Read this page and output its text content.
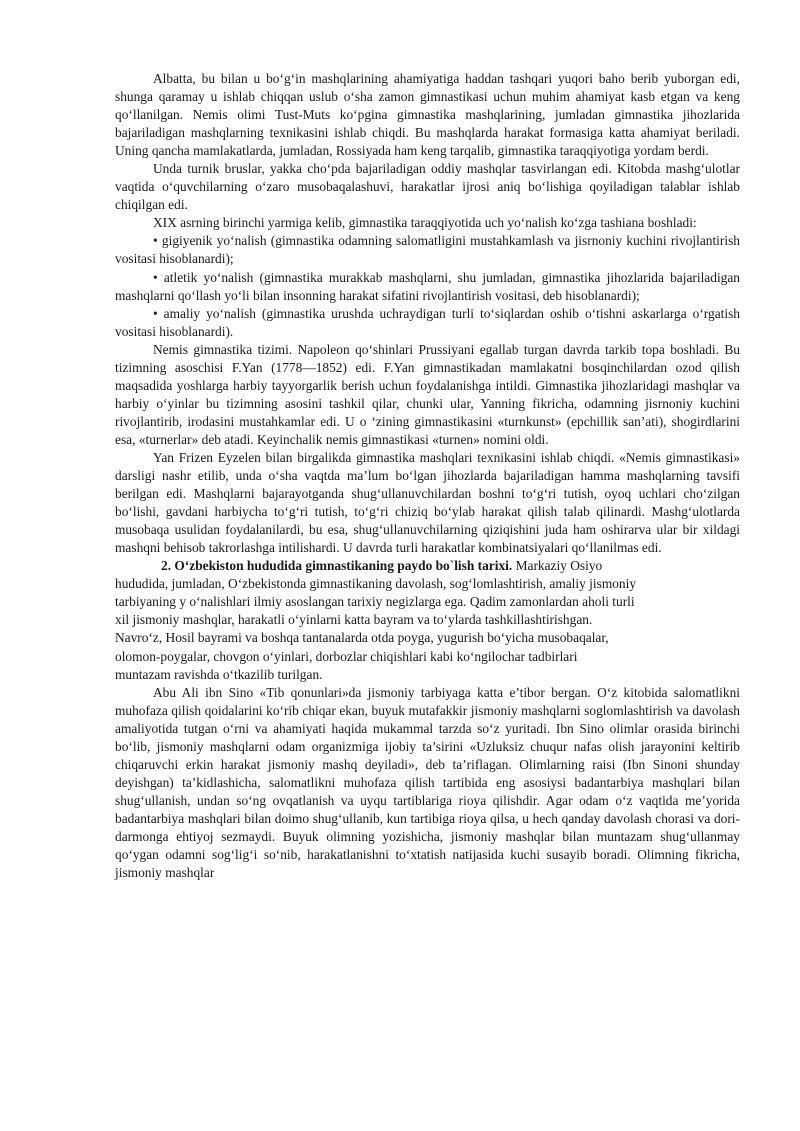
Albatta, bu bilan u bo‘g‘in mashqlarining ahamiyatiga haddan tashqari yuqori baho berib yuborgan edi, shunga qaramay u ishlab chiqqan uslub o‘sha zamon gimnastikasi uchun muhim ahamiyat kasb etgan va keng qo‘llanilgan. Nemis olimi Tust-Muts ko‘pgina gimnastika mashqlarining, jumladan gimnastika jihozlarida bajariladigan mashqlarning texnikasini ishlab chiqdi. Bu mashqlarda harakat formasiga katta ahamiyat beriladi. Uning qancha mamlakatlarda, jumladan, Rossiyada ham keng tarqalib, gimnastika taraqqiyotiga yordam berdi.

Unda turnik bruslar, yakka cho‘pda bajariladigan oddiy mashqlar tasvirlangan edi. Kitobda mashg‘ulotlar vaqtida o‘quvchilarning o‘zaro musobaqalashuvi, harakatlar ijrosi aniq bo‘lishiga qoyiladigan talablar ishlab chiqilgan edi.

XIX asrning birinchi yarmiga kelib, gimnastika taraqqiyotida uch yo‘nalish ko‘zga tashiana boshladi:

• gigiyenik yo‘nalish (gimnastika odamning salomatligini mustahkamlash va jisrnoniy kuchini rivojlantirish vositasi hisoblanardi);

• atletik yo‘nalish (gimnastika murakkab mashqlarni, shu jumladan, gimnastika jihozlarida bajariladigan mashqlarni qo‘llash yo‘li bilan insonning harakat sifatini rivojlantirish vositasi, deb hisoblanardi);

• amaliy yo‘nalish (gimnastika urushda uchraydigan turli to‘siqlardan oshib o‘tishni askarlarga o‘rgatish vositasi hisoblanardi).

Nemis gimnastika tizimi. Napoleon qo‘shinlari Prussiyani egallab turgan davrda tarkib topa boshladi. Bu tizimning asoschisi F.Yan (1778—1852) edi. F.Yan gimnastikadan mamlakatni bosqinchilardan ozod qilish maqsadida yoshlarga harbiy tayyorgarlik berish uchun foydalanishga intildi. Gimnastika jihozlaridagi mashqlar va harbiy o‘yinlar bu tizimning asosini tashkil qilar, chunki ular, Yanning fikricha, odamning jisrnoniy kuchini rivojlantirib, irodasini mustahkamlar edi. U o ‘zining gimnastikasini «turnkunst» (epchillik san’ati), shogirdlarini esa, «turnerlar» deb atadi. Keyinchalik nemis gimnastikasi «turnen» nomini oldi.

Yan Frizen Eyzelen bilan birgalikda gimnastika mashqlari texnikasini ishlab chiqdi. «Nemis gimnastikasi» darsligi nashr etilib, unda o‘sha vaqtda ma’lum bo‘lgan jihozlarda bajariladigan hamma mashqlarning tavsifi berilgan edi. Mashqlarni bajarayotganda shug‘ullanuvchilardan boshni to‘g‘ri tutish, oyoq uchlari cho‘zilgan bo‘lishi, gavdani harbiycha to‘g‘ri tutish, to‘g‘ri chiziq bo‘ylab harakat qilish talab qilinardi. Mashg‘ulotlarda musobaqa usulidan foydalanilardi, bu esa, shug‘ullanuvchilarning qiziqishini juda ham oshirarva ular bir xildagi mashqni behisob takrorlashga intilishardi. U davrda turli harakatlar kombinatsiyalari qo‘llanilmas edi.

2. O‘zbekiston hududida gimnastikaning paydo bo`lish tarixi. Markaziy Osiyo
hududida, jumladan, O‘zbekistonda gimnastikaning davolash, sog‘lomlashtirish, amaliy jismoniy
tarbiyaning y o‘nalishlari ilmiy asoslangan tarixiy negizlarga ega. Qadim zamonlardan aholi turli
xil jismoniy mashqlar, harakatli o‘yinlarni katta bayram va to‘ylarda tashkillashtirishgan.
Navro‘z, Hosil bayrami va boshqa tantanalarda otda poyga, yugurish bo‘yicha musobaqalar,
olomon-poygalar, chovgon o‘yinlari, dorbozlar chiqishlari kabi ko‘ngilochar tadbirlari
muntazam ravishda o‘tkazilib turilgan.

Abu Ali ibn Sino «Tib qonunlari»da jismoniy tarbiyaga katta e’tibor bergan. O‘z kitobida salomatlikni muhofaza qilish qoidalarini ko‘rib chiqar ekan, buyuk mutafakkir jismoniy mashqlarni soglomlashtirish va davolash amaliyotida tutgan o‘rni va ahamiyati haqida mukammal tarzda so‘z yuritadi. Ibn Sino olimlar orasida birinchi bo‘lib, jismoniy mashqlarni odam organizmiga ijobiy ta’sirini «Uzluksiz chuqur nafas olish jarayonini keltirib chiqaruvchi erkin harakat jismoniy mashq deyiladi», deb ta’riflagan. Olimlarning raisi (Ibn Sinoni shunday deyishgan) ta’kidlashicha, salomatlikni muhofaza qilish tartibida eng asosiysi badantarbiya mashqlari bilan shug‘ullanish, undan so‘ng ovqatlanish va uyqu tartiblariga rioya qilishdir. Agar odam o‘z vaqtida me’yorida badantarbiya mashqlari bilan doimo shug‘ullanib, kun tartibiga rioya qilsa, u hech qanday davolash chorasi va dori-darmonga ehtiyoj sezmaydi. Buyuk olimning yozishicha, jismoniy mashqlar bilan muntazam shug‘ullanmay qo‘ygan odamni sog‘lig‘i so‘nib, harakatlanishni to‘xtatish natijasida kuchi susayib boradi. Olimning fikricha, jismoniy mashqlar
